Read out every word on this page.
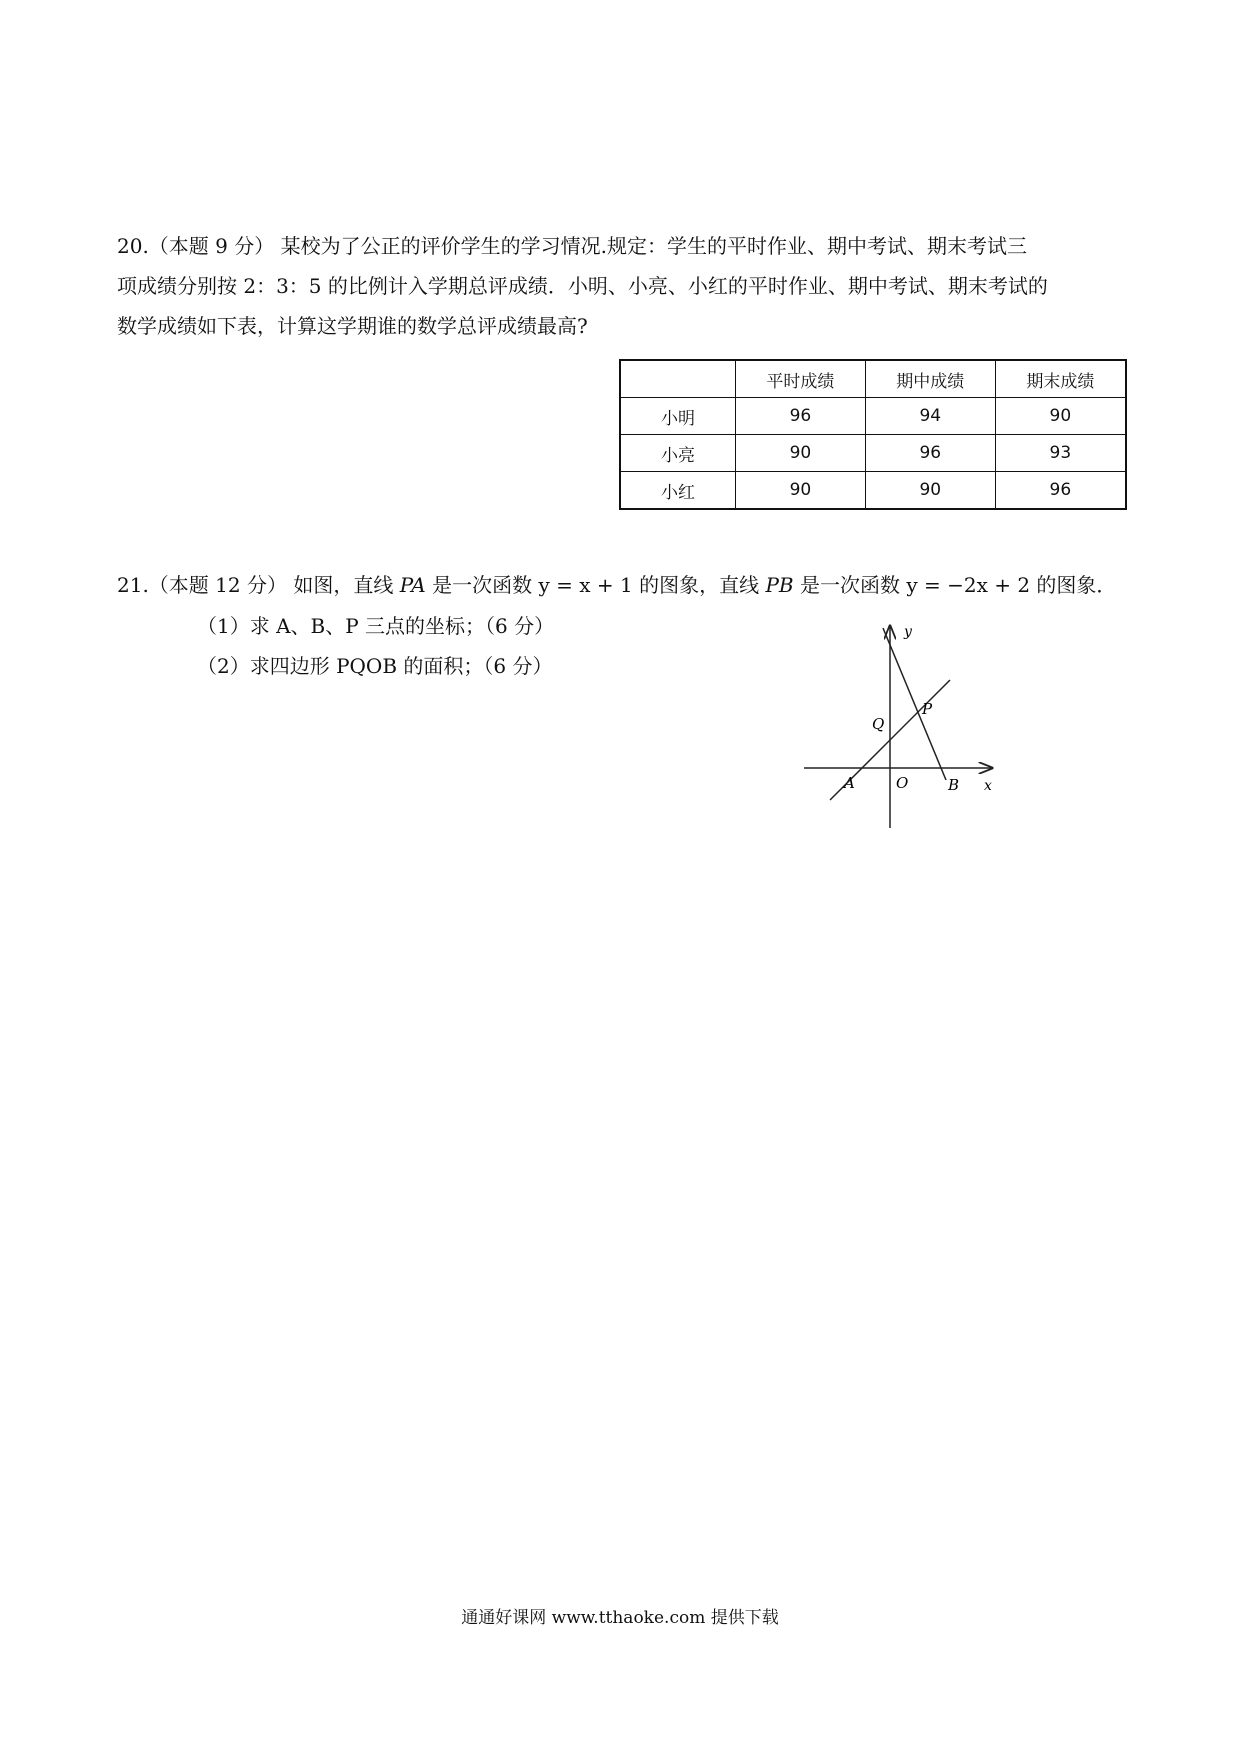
20.（本题 9 分） 某校为了公正的评价学生的学习情况.规定：学生的平时作业、期中考试、期末考试三
项成绩分别按 2：3：5 的比例计入学期总评成绩．小明、小亮、小红的平时作业、期中考试、期末考试的
数学成绩如下表，计算这学期谁的数学总评成绩最高?
	平时成绩	期中成绩	期末成绩
小明	96	94	90
小亮	90	96	93
小红	90	90	96
21.（本题 12 分） 如图，直线 PA 是一次函数 y = x + 1 的图象，直线 PB 是一次函数 y = −2x + 2 的图象．
（1）求 A、B、P 三点的坐标；（6 分）
（2）求四边形 PQOB 的面积；（6 分）
y
x
P
Q
A	O	B
通通好课网 www.tthaoke.com 提供下载
